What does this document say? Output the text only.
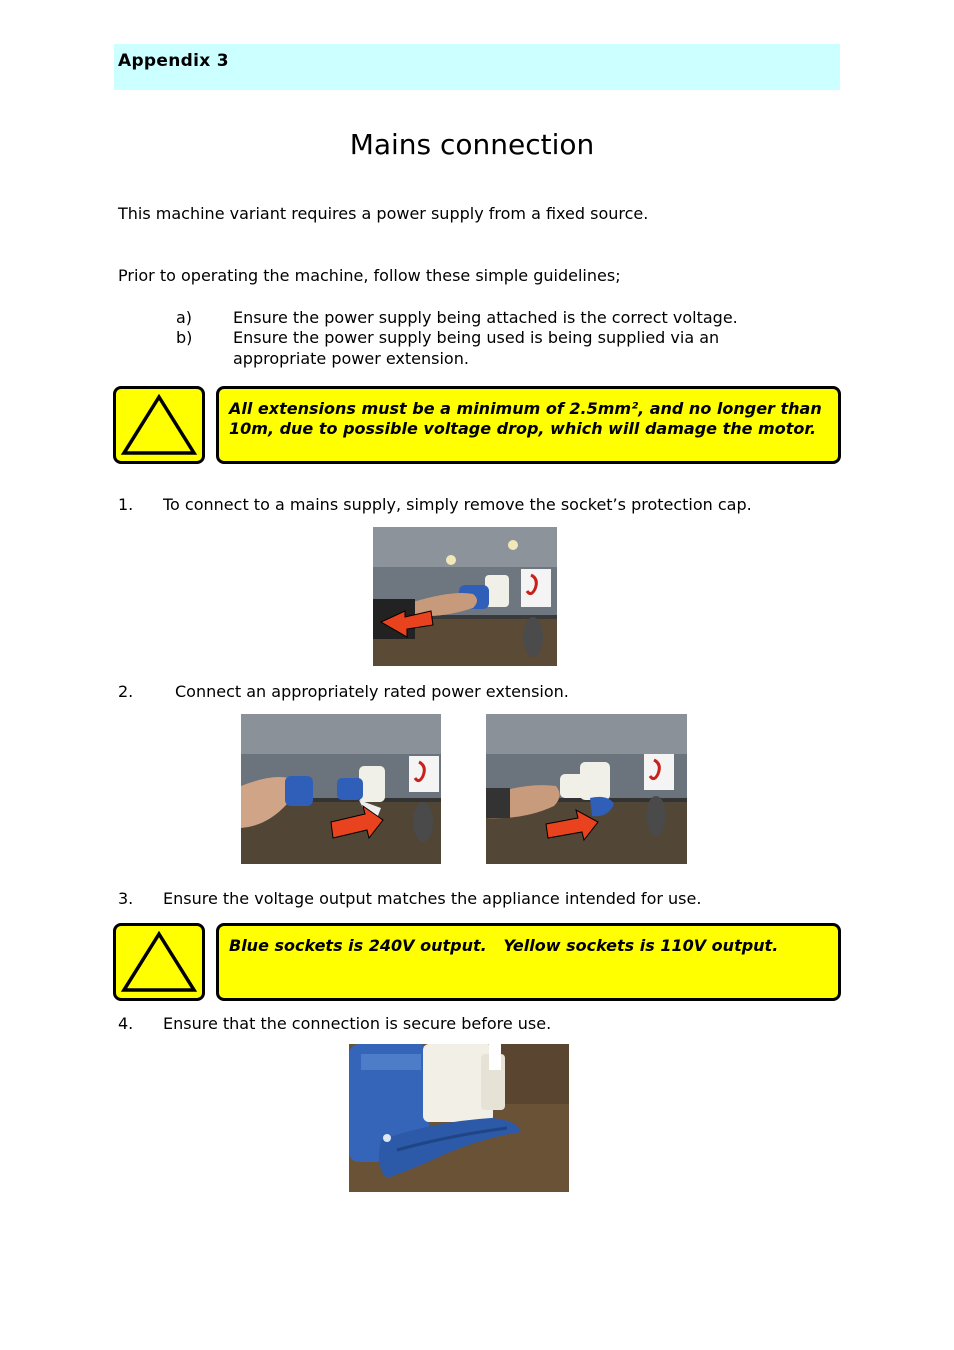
Appendix 3
Mains connection
This machine variant requires a power supply from a fixed source.
Prior to operating the machine, follow these simple guidelines;
a)	Ensure the power supply being attached is the correct voltage.
b)	Ensure the power supply being used is being supplied via an
appropriate power extension.
All extensions must be a minimum of 2.5mm², and no longer than
10m, due to possible voltage drop, which will damage the motor.
1. To connect to a mains supply, simply remove the socket’s protection cap.
2.	Connect an appropriately rated power extension.
3. Ensure the voltage output matches the appliance intended for use.
Blue sockets is 240V output.   Yellow sockets is 110V output.
4. Ensure that the connection is secure before use.
